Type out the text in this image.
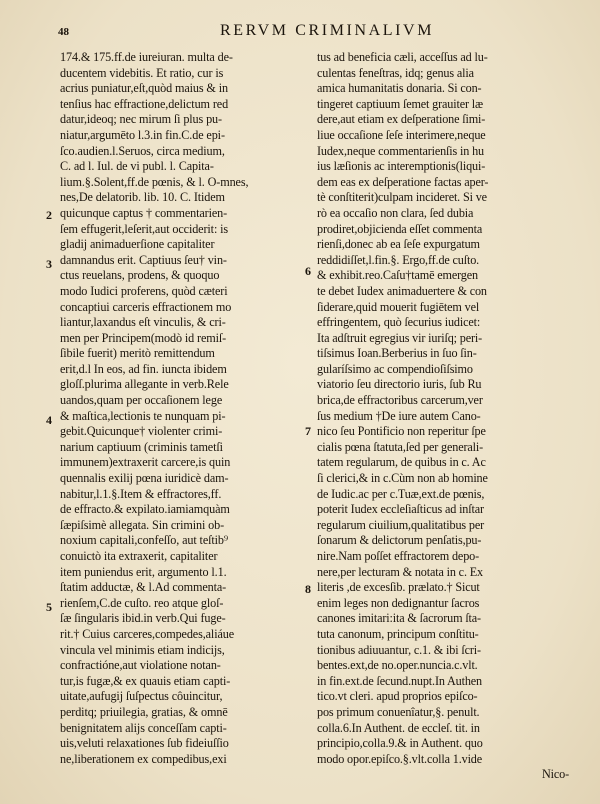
48	RERVM CRIMINALIVM
174.& 175.ff.de iureiuran. multa de-
ducentem videbitis. Et ratio, cur is
acrius puniatur,eſt,quòd maius & in
tenſius hac effractione,delictum red
datur,ideoq; nec mirum ſi plus pu-
niatur,argumēto l.3.in fin.C.de epi-
ſco.audien.l.Seruos, circa medium,
C. ad l. Iul. de vi publ. l. Capita-
lium.§.Solent,ff.de pœnis, & l. O-mnes,
nes,De delatorib. lib. 10. C. Itidem
quicunque captus † commentarien-
ſem effugerit,leſerit,aut occiderit: is
gladij animaduerſione capitaliter
damnandus erit. Captiuus ſeu† vin-
ctus reuelans, prodens, & quoquo
modo Iudici proferens, quòd cæteri
concaptiui carceris effractionem mo
liantur,laxandus eſt vinculis, & cri-
men per Principem(modò id remiſ-
ſibile fuerit) meritò remittendum
erit,d.l In eos, ad fin. iuncta ibidem
gloſſ.plurima allegante in verb.Rele
uandos,quam per occaſionem lege
& maſtica,lectionis te nunquam pi-
gebit.Quicunque† violenter crimi-
narium captiuum (criminis tametſi
immunem)extraxerit carcere,is quin
quennalis exilij pœna iuridicè dam-
nabitur,l.1.§.Item & effractores,ff.
de effracto.& expilato.iamiamquàm
ſæpiſsimè allegata. Sin crimini ob-
noxium capitali,confeſſo, aut teſtib⁹
conuictò ita extraxerit, capitaliter
item puniendus erit, argumento l.1.
ſtatim adductæ, & l.Ad commenta-
rienſem,C.de cuſto. reo atque gloſ-
ſæ ſingularis ibid.in verb.Qui fuge-
rit.† Cuius carceres,compedes,aliáue
vincula vel minimis etiam indicijs,
confractióne,aut violatione notan-
tur,is fugæ,& ex quauis etiam capti-
uitate,aufugij ſuſpectus côuincitur,
perditq; priuilegia, gratias, & omnē
benignitatem alijs conceſſam capti-
uis,veluti relaxationes ſub fideiuſſio
ne,liberationem ex compedibus,exi
tus ad beneficia cæli, acceſſus ad lu-
culentas feneſtras, idq; genus alia
amica humanitatis donaria. Si con-
tingeret captiuum ſemet grauiter læ
dere,aut etiam ex deſperatione ſimi-
liue occaſione ſeſe interimere,neque
Iudex,neque commentarienſis in hu
ius læſionis ac interemptionis(liqui-
dem eas ex deſperatione factas aper-
tè conſtiterit)culpam incideret. Si ve
rò ea occaſio non clara, ſed dubia
prodiret,objicienda eſſet commenta
rienſi,donec ab ea ſeſe expurgatum
reddidiſſet,l.fin.§. Ergo,ff.de cuſto.
& exhibit.reo.Caſu†tamē emergen
te debet Iudex animaduertere & con
ſiderare,quid mouerit fugiētem vel
effringentem, quò ſecurius iudicet:
Ita adſtruit egregius vir iuriſq; peri-
tiſsimus Ioan.Berberius in ſuo ſin-
gularíſsimo ac compendioſiſsimo
viatorio ſeu directorio iuris, ſub Ru
brica,de effractoribus carcerum,ver
ſus medium †De iure autem Cano-
nico ſeu Pontificio non reperitur ſpe
cialis pœna ſtatuta,ſed per generali-
tatem regularum, de quibus in c. Ac
ſi clerici,& in c.Cùm non ab homine
de Iudic.ac per c.Tuæ,ext.de pœnis,
poterit Iudex eccleſiaſticus ad inſtar
regularum ciuilium,qualitatibus per
ſonarum & delictorum penſatis,pu-
nire.Nam poſſet effractorem depo-
nere,per lecturam & notata in c. Ex
literis ,de excesſib. prælato.† Sicut
enim leges non dedignantur ſacros
canones imitari:ita & ſacrorum ſta-
tuta canonum, principum conſtitu-
tionibus adiuuantur, c.1. & ibi ſcri-
bentes.ext,de no.oper.nuncia.c.vlt.
in fin.ext.de ſecund.nupt.In Authen
tico.vt cleri. apud proprios epiſco-
pos primum conuenîatur,§. penult.
colla.6.In Authent. de eccleſ. tit. in
principio,colla.9.& in Authent. quo
modo opor.epiſco.§.vlt.colla 1.vide
Nico-
2
3
4
5
6
7
8
